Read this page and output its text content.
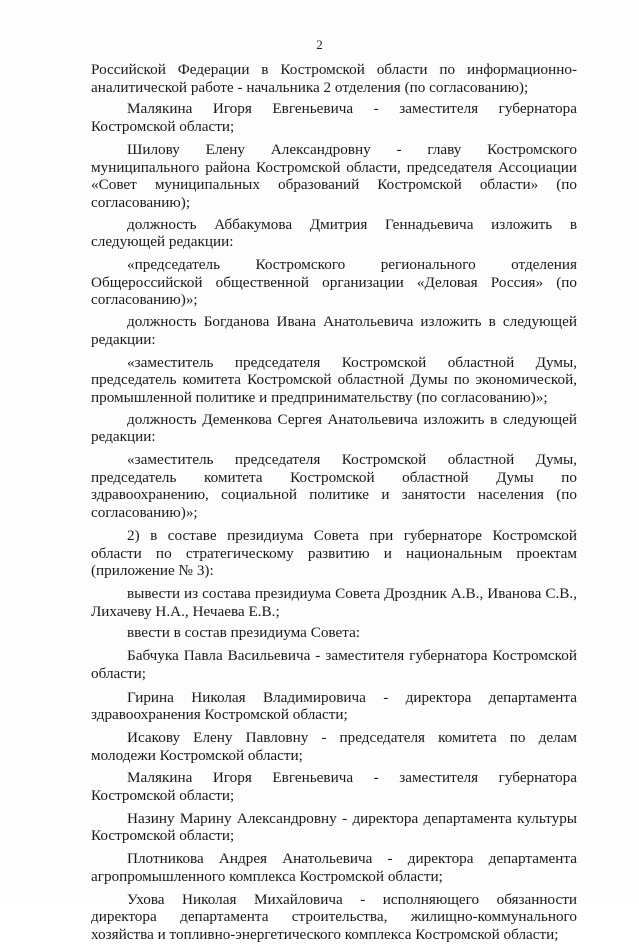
2

Российской Федерации в Костромской области по информационно-аналитической работе - начальника 2 отделения (по согласованию);

Малякина Игоря Евгеньевича - заместителя губернатора Костромской области;

Шилову Елену Александровну - главу Костромского муниципального района Костромской области, председателя Ассоциации «Совет муниципальных образований Костромской области» (по согласованию);

должность Аббакумова Дмитрия Геннадьевича изложить в следующей редакции:

«председатель Костромского регионального отделения Общероссийской общественной организации «Деловая Россия» (по согласованию)»;

должность Богданова Ивана Анатольевича изложить в следующей редакции:

«заместитель председателя Костромской областной Думы, председатель комитета Костромской областной Думы по экономической, промышленной политике и предпринимательству (по согласованию)»;

должность Деменкова Сергея Анатольевича изложить в следующей редакции:

«заместитель председателя Костромской областной Думы, председатель комитета Костромской областной Думы по здравоохранению, социальной политике и занятости населения (по согласованию)»;

2) в составе президиума Совета при губернаторе Костромской области по стратегическому развитию и национальным проектам (приложение № 3):

вывести из состава президиума Совета Дроздник А.В., Иванова С.В., Лихачеву Н.А., Нечаева Е.В.;

ввести в состав президиума Совета:

Бабчука Павла Васильевича - заместителя губернатора Костромской области;

Гирина Николая Владимировича - директора департамента здравоохранения Костромской области;

Исакову Елену Павловну - председателя комитета по делам молодежи Костромской области;

Малякина Игоря Евгеньевича - заместителя губернатора Костромской области;

Назину Марину Александровну - директора департамента культуры Костромской области;

Плотникова Андрея Анатольевича - директора департамента агропромышленного комплекса Костромской области;

Ухова Николая Михайловича - исполняющего обязанности директора департамента строительства, жилищно-коммунального хозяйства и топливно-энергетического комплекса Костромской области;
